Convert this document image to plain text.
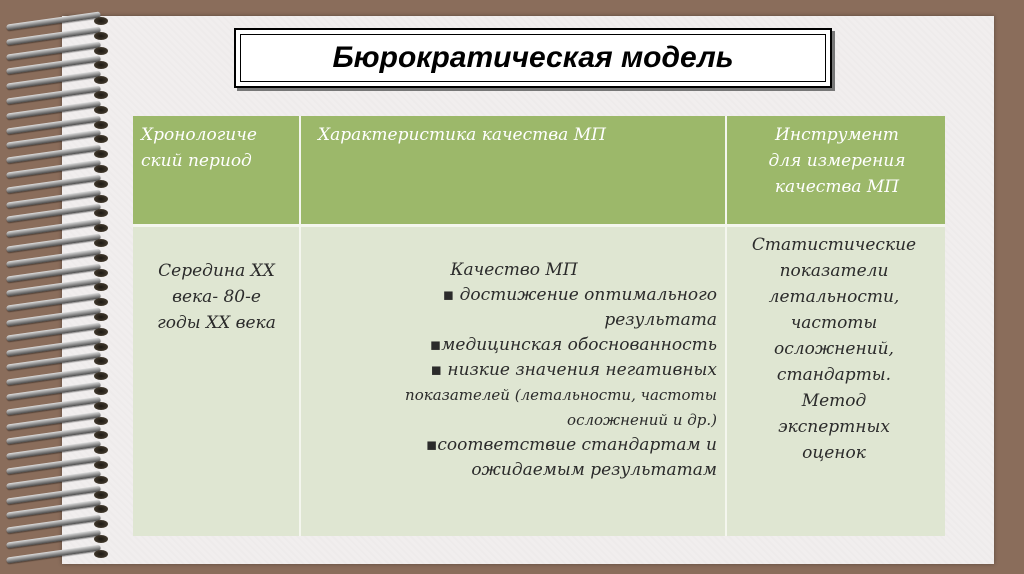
Бюрократическая модель
Хронологиче
ский период
Характеристика качества МП	Инструмент
для измерения
качества МП
Середина ХХ
века- 80-е
годы ХХ века
Качество МП
▪ достижение оптимального
результата
▪медицинская обоснованность
▪ низкие значения негативных
показателей (летальности, частоты
осложнений и др.)
▪соответствие стандартам и
ожидаемым результатам
Статистические
показатели
летальности,
частоты
осложнений,
стандарты.
Метод
экспертных
оценок
